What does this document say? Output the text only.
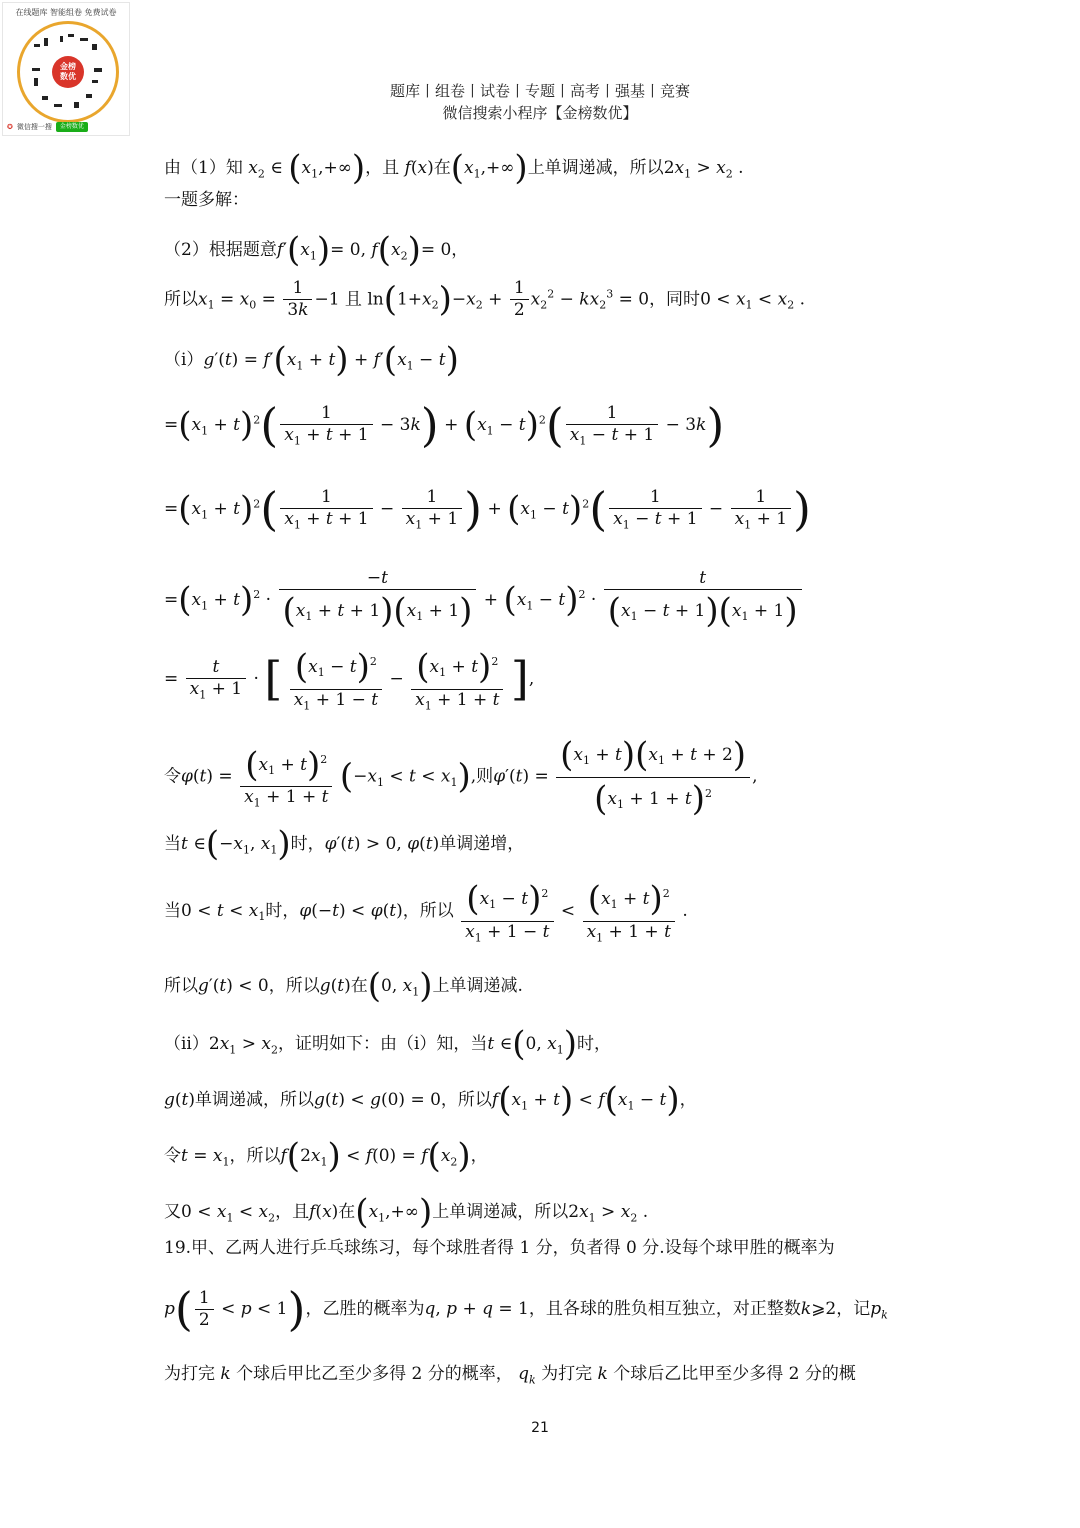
在线题库 智能组卷 免费试卷
金榜
数优
✪ 微信搜一搜	金榜数优
题库丨组卷丨试卷丨专题丨高考丨强基丨竞赛
微信搜索小程序【金榜数优】
由（1）知 $x_2$ ∈ $(x_1,+\infty)$，且 f(x)在$(x_1,+\infty)$上单调递减，所以$2x_1 > x_2$ .
一题多解：
（2）根据题意$f'(x_1)= 0$, $f(x_2)= 0$，
所以$x_1 = x_0 = \frac{1}{3k} -1$ 且 $\ln(1+x_2)-x_2 + \frac{1}{2} x_2^2 - kx_2^3 = 0$，同时$0 < x_1 < x_2$ .
$(i)g'(t) = f'(x_1 + t) + f'(x_1 - t)$
$=(x_1 + t)^2( \frac{1}{x_1 + t + 1} - 3k) + (x_1 - t)^2( \frac{1}{x_1 - t + 1} - 3k)$
$=(x_1 + t)^2( \frac{1}{x_1 + t + 1} - \frac{1}{x_1 + 1}$ ) + $(x_1 - t)^2( \frac{1}{x_1 - t + 1} - \frac{1}{x_1 + 1}$ )
$=(x_1 + t)^2 \cdot \frac{-t}{(x_1 + t + 1)(x_1 + 1)} + (x_1 - t)^2 \cdot \frac{t}{(x_1 - t + 1)(x_1 + 1)}$
= $\frac{t}{x_1 + 1}$ · [ $\frac{(x_1 - t)^2}{x_1 + 1 - t} - \frac{(x_1 + t)^2}{x_1 + 1 + t}$ ],
令$\varphi(t) = \frac{(x_1 + t)^2}{x_1 + 1 + t} (-x_1 < t < x_1)$,则$\varphi'(t) = \frac{(x_1 + t)(x_1 + t + 2)}{(x_1 + 1 + t)^2}$ ,
当t $\in(-x_1$, $x_1$)时，φ′(t) > 0, φ(t)单调递增，
当$0 < t < x_1$时，φ(−t) < φ(t)，所以 $\frac{(x_1 - t)^2}{x_1 + 1 - t} < \frac{(x_1 + t)^2}{x_1 + 1 + t}$ .
所以g′(t) < 0，所以g(t)在(0, $x_1$)上单调递减.
$(ii)2x_1 > x_2$，证明如下：由（i）知，当t ∈(0, $x_1$)时，
g(t)单调递减，所以g(t) < g(0) = 0，所以$f(x_1 + t) < f(x_1 - t)$，
令$t = x_1$，所以$f(2x_1) < f(0) = f(x_2)$，
又$0 < x_1 < x_2$，且f(x)在$(x_1,+\infty)$上单调递减，所以$2x_1 > x_2$ .
19.甲、乙两人进行乒乓球练习，每个球胜者得 1 分，负者得 0 分.设每个球甲胜的概率为
$p( \frac{1}{2} < p < 1)$，乙胜的概率为q, p + q = 1，且各球的胜负相互独立，对正整数k⩾2，记$p_k$
为打完 k 个球后甲比乙至少多得 2 分的概率， $q_k$ 为打完 k 个球后乙比甲至少多得 2 分的概
21
